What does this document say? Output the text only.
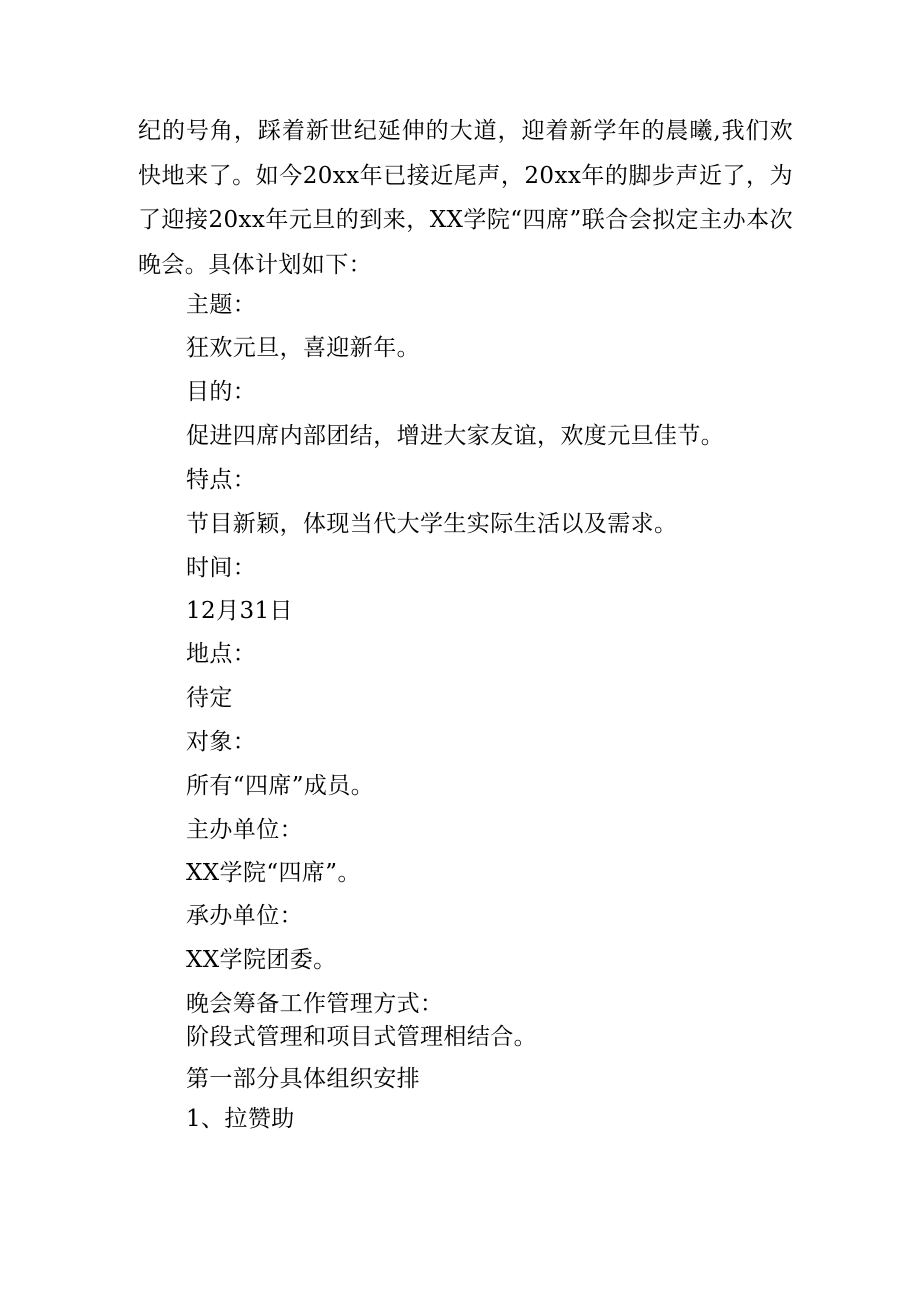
纪的号角，踩着新世纪延伸的大道，迎着新学年的晨曦,我们欢快地来了。如今20xx年已接近尾声，20xx年的脚步声近了，为了迎接20xx年元旦的到来，XX学院“四席”联合会拟定主办本次晚会。具体计划如下：

主题：

狂欢元旦，喜迎新年。

目的：

促进四席内部团结，增进大家友谊，欢度元旦佳节。

特点：

节目新颖，体现当代大学生实际生活以及需求。

时间：

12月31日

地点：

待定

对象：

所有“四席”成员。

主办单位：

XX学院“四席”。

承办单位：

XX学院团委。

晚会筹备工作管理方式：

阶段式管理和项目式管理相结合。

第一部分具体组织安排

1、拉赞助
